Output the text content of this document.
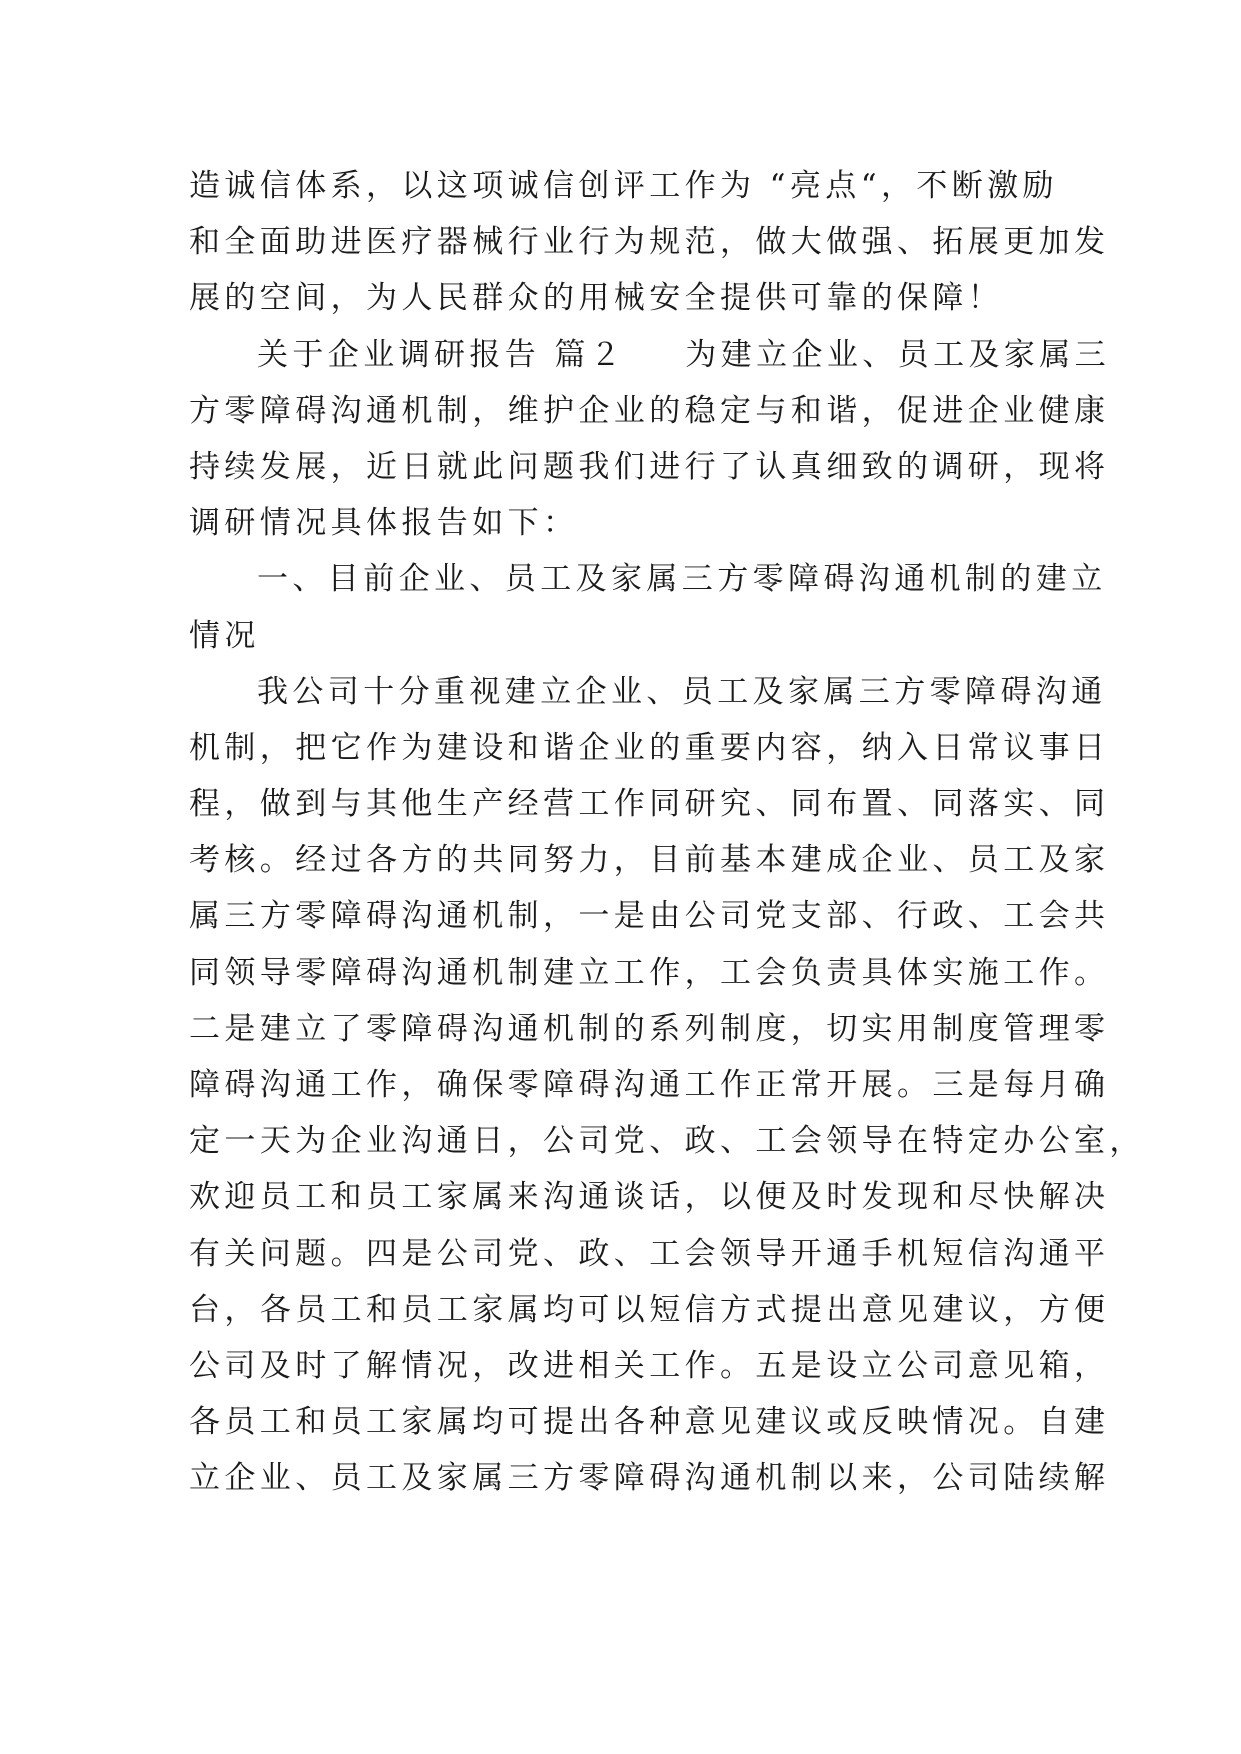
造诚信体系，以这项诚信创评工作为 “亮点“，不断激励
和全面助进医疗器械行业行为规范，做大做强、拓展更加发
展的空间，为人民群众的用械安全提供可靠的保障！
关于企业调研报告 篇２ 为建立企业、员工及家属三
方零障碍沟通机制，维护企业的稳定与和谐，促进企业健康
持续发展，近日就此问题我们进行了认真细致的调研，现将
调研情况具体报告如下：
一、目前企业、员工及家属三方零障碍沟通机制的建立
情况
我公司十分重视建立企业、员工及家属三方零障碍沟通
机制，把它作为建设和谐企业的重要内容，纳入日常议事日
程，做到与其他生产经营工作同研究、同布置、同落实、同
考核。经过各方的共同努力，目前基本建成企业、员工及家
属三方零障碍沟通机制，一是由公司党支部、行政、工会共
同领导零障碍沟通机制建立工作，工会负责具体实施工作。
二是建立了零障碍沟通机制的系列制度，切实用制度管理零
障碍沟通工作，确保零障碍沟通工作正常开展。三是每月确
定一天为企业沟通日，公司党、政、工会领导在特定办公室，
欢迎员工和员工家属来沟通谈话，以便及时发现和尽快解决
有关问题。四是公司党、政、工会领导开通手机短信沟通平
台，各员工和员工家属均可以短信方式提出意见建议，方便
公司及时了解情况，改进相关工作。五是设立公司意见箱，
各员工和员工家属均可提出各种意见建议或反映情况。自建
立企业、员工及家属三方零障碍沟通机制以来，公司陆续解
